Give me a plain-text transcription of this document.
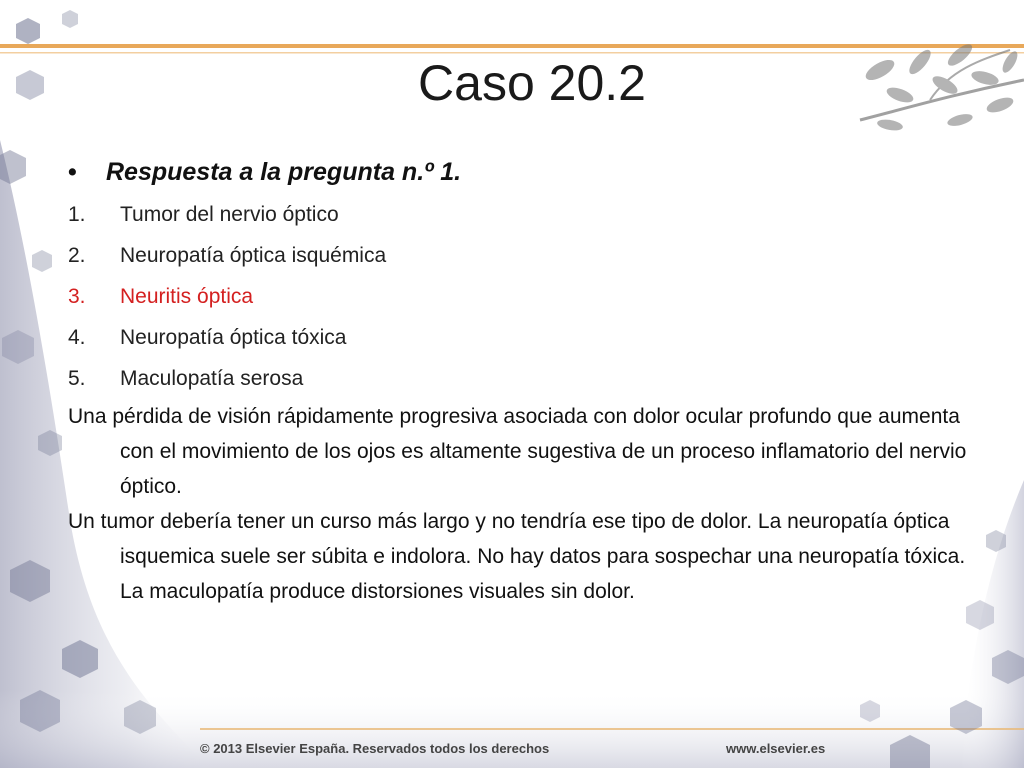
Caso 20.2
• Respuesta a la pregunta n.º 1.
1. Tumor del nervio óptico
2. Neuropatía óptica isquémica
3. Neuritis óptica
4. Neuropatía óptica tóxica
5. Maculopatía serosa

Una pérdida de visión rápidamente progresiva asociada con dolor ocular profundo que aumenta con el movimiento de los ojos es altamente sugestiva de un proceso inflamatorio del nervio óptico.

Un tumor debería tener un curso más largo y no tendría ese tipo de dolor. La neuropatía óptica isquemica suele ser súbita e indolora. No hay datos para sospechar una neuropatía tóxica. La maculopatía produce distorsiones visuales sin dolor.

© 2013 Elsevier España. Reservados todos los derechos	www.elsevier.es
